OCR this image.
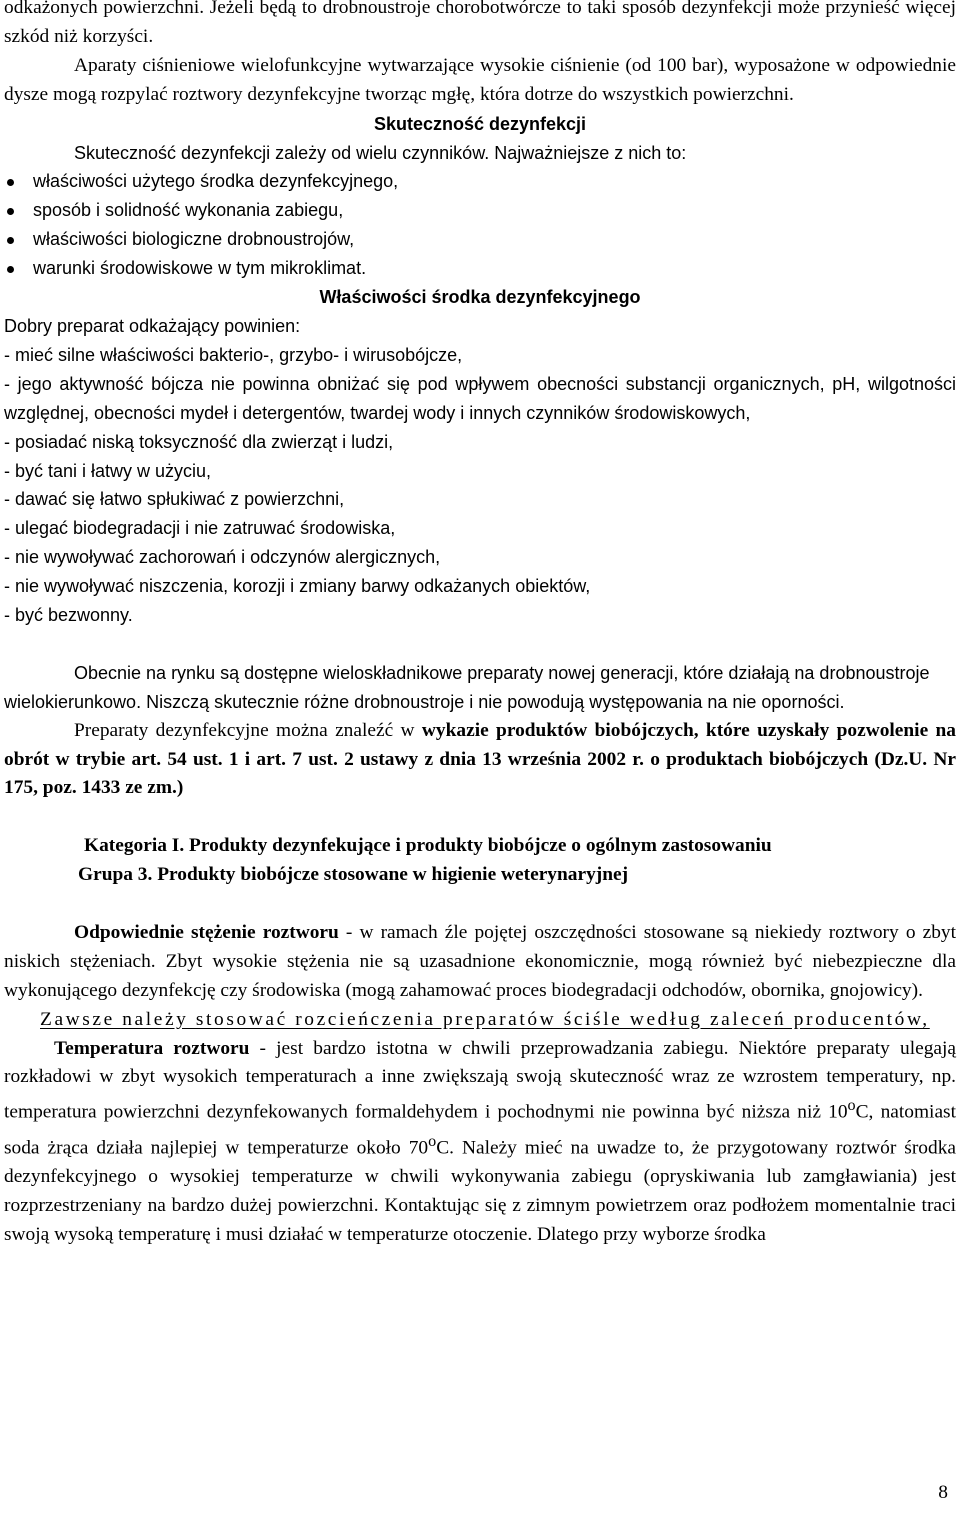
odkażonych powierzchni. Jeżeli będą to drobnoustroje chorobotwórcze to taki sposób dezynfekcji może przynieść więcej szkód niż korzyści.

Aparaty ciśnieniowe wielofunkcyjne wytwarzające wysokie ciśnienie (od 100 bar), wyposażone w odpowiednie dysze mogą rozpylać roztwory dezynfekcyjne tworząc mgłę, która dotrze do wszystkich powierzchni.

Skuteczność dezynfekcji

Skuteczność dezynfekcji zależy od wielu czynników. Najważniejsze z nich to:

właściwości użytego środka dezynfekcyjnego,
sposób i solidność wykonania zabiegu,
właściwości biologiczne drobnoustrojów,
warunki środowiskowe w tym mikroklimat.

Właściwości środka dezynfekcyjnego

Dobry preparat odkażający powinien:

- mieć silne właściwości bakterio-, grzybo- i wirusobójcze,

- jego aktywność bójcza nie powinna obniżać się pod wpływem obecności substancji organicznych, pH, wilgotności względnej, obecności mydeł i detergentów, twardej wody i innych czynników środowiskowych,

- posiadać niską toksyczność dla zwierząt i ludzi,

- być tani i łatwy w użyciu,

- dawać się łatwo spłukiwać z powierzchni,

- ulegać biodegradacji i nie zatruwać środowiska,

- nie wywoływać zachorowań i odczynów alergicznych,

- nie wywoływać niszczenia, korozji i zmiany barwy odkażanych obiektów,

- być bezwonny.

Obecnie na rynku są dostępne wieloskładnikowe preparaty nowej generacji, które działają na drobnoustroje wielokierunkowo. Niszczą skutecznie różne drobnoustroje i nie powodują występowania na nie oporności.

Preparaty dezynfekcyjne można znaleźć w wykazie produktów biobójczych, które uzyskały pozwolenie na obrót w trybie art. 54 ust. 1 i art. 7 ust. 2 ustawy z dnia 13 września 2002 r. o produktach biobójczych (Dz.U. Nr 175, poz. 1433 ze zm.)

Kategoria I. Produkty dezynfekujące i produkty biobójcze o ogólnym zastosowaniu

Grupa 3. Produkty biobójcze stosowane w higienie weterynaryjnej

Odpowiednie stężenie roztworu - w ramach źle pojętej oszczędności stosowane są niekiedy roztwory o zbyt niskich stężeniach. Zbyt wysokie stężenia nie są uzasadnione ekonomicznie, mogą również być niebezpieczne dla wykonującego dezynfekcję czy środowiska (mogą zahamować proces biodegradacji odchodów, obornika, gnojowicy).

Zawsze należy stosować rozcieńczenia preparatów ściśle według zaleceń producentów,

Temperatura roztworu - jest bardzo istotna w chwili przeprowadzania zabiegu. Niektóre preparaty ulegają rozkładowi w zbyt wysokich temperaturach a inne zwiększają swoją skuteczność wraz ze wzrostem temperatury, np. temperatura powierzchni dezynfekowanych formaldehydem i pochodnymi nie powinna być niższa niż 10$^o$C, natomiast soda żrąca działa najlepiej w temperaturze około 70$^o$C. Należy mieć na uwadze to, że przygotowany roztwór środka dezynfekcyjnego o wysokiej temperaturze w chwili wykonywania zabiegu (opryskiwania lub zamgławiania) jest rozprzestrzeniany na bardzo dużej powierzchni. Kontaktując się z zimnym powietrzem oraz podłożem momentalnie traci swoją wysoką temperaturę i musi działać w temperaturze otoczenie. Dlatego przy wyborze środka

8
